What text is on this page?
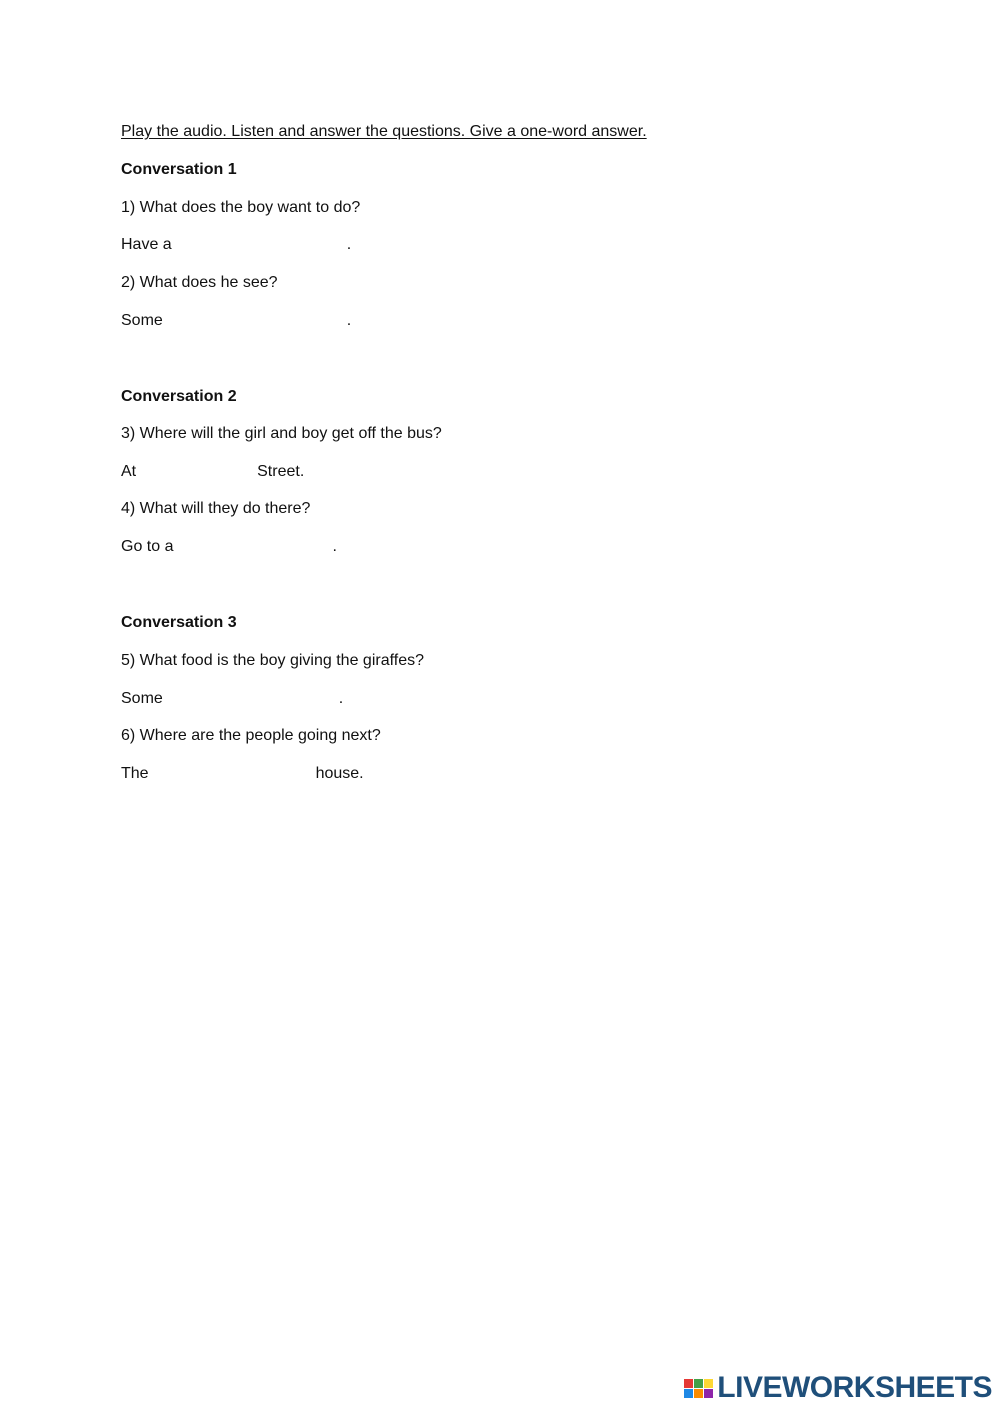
Play the audio. Listen and answer the questions. Give a one-word answer.
Conversation 1
1) What does the boy want to do?
Have a	.
2) What does he see?
Some	.
Conversation 2
3) Where will the girl and boy get off the bus?
At	Street.
4) What will they do there?
Go to a	.
Conversation 3
5) What food is the boy giving the giraffes?
Some	.
6) Where are the people going next?
The	house.
LIVEWORKSHEETS
